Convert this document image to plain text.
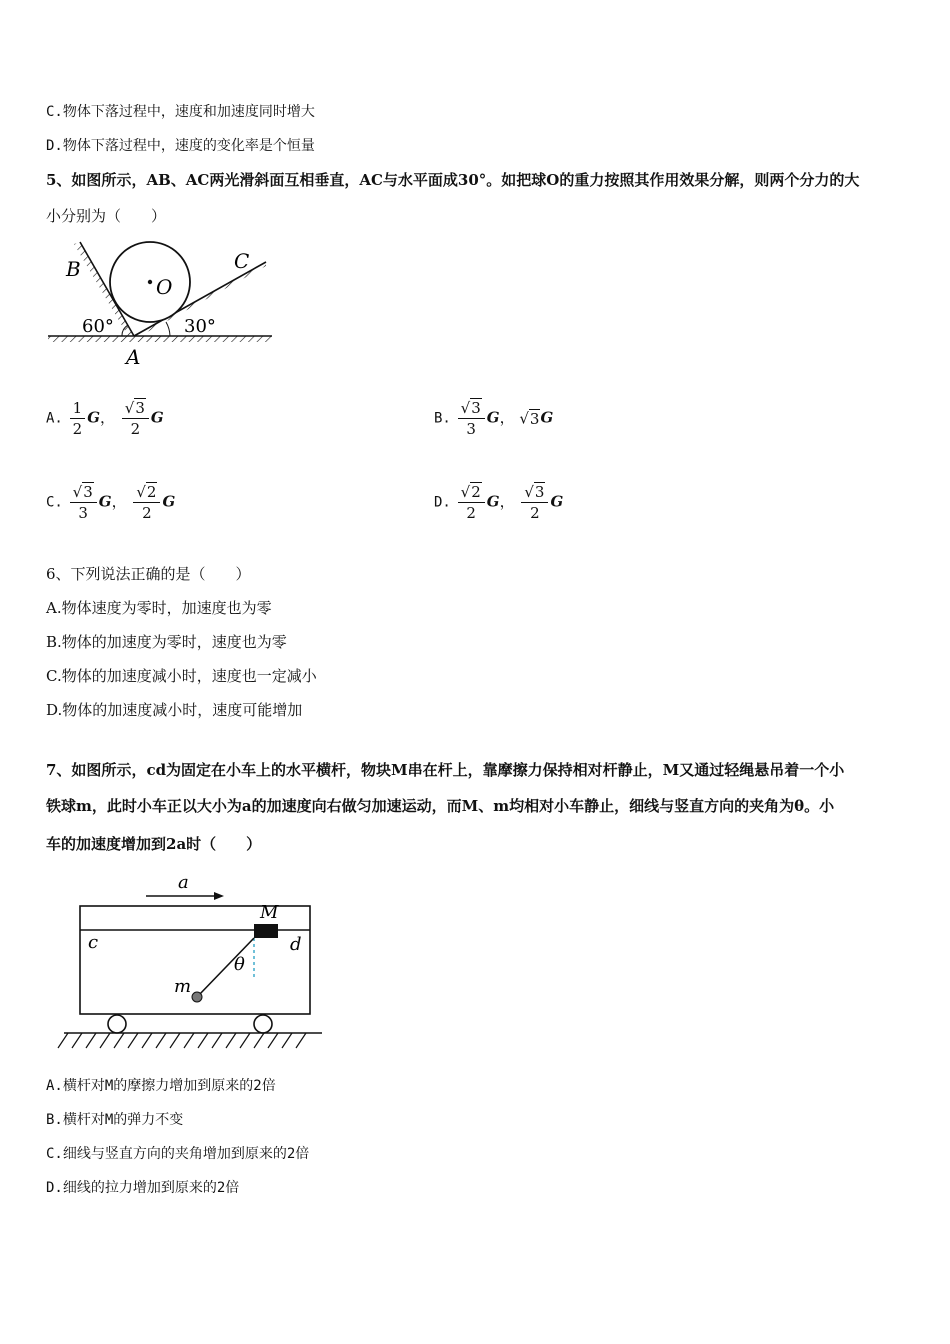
C.物体下落过程中，速度和加速度同时增大
D.物体下落过程中，速度的变化率是个恒量
5、如图所示，AB、AC两光滑斜面互相垂直，AC与水平面成30°。如把球O的重力按照其作用效果分解，则两个分力的大
小分别为（　　）
B	C
O
A
60°	30°
A. $\frac{1}{2}$ G， $\frac{√3}{2}$ G	B. $\frac{√3}{3}$ G， √3G
C. $\frac{√3}{3}$ G， $\frac{√2}{2}$ G	D. $\frac{√2}{2}$ G， $\frac{√3}{2}$ G
6、下列说法正确的是（　　）
A.物体速度为零时，加速度也为零
B.物体的加速度为零时，速度也为零
C.物体的加速度减小时，速度也一定减小
D.物体的加速度减小时，速度可能增加
7、如图所示，cd为固定在小车上的水平横杆，物块M串在杆上，靠摩擦力保持相对杆静止，M又通过轻绳悬吊着一个小
铁球m，此时小车正以大小为a的加速度向右做匀加速运动，而M、m均相对小车静止，细线与竖直方向的夹角为θ。小
车的加速度增加到2a时（　　）
a
M
c	d
θ
m
A.横杆对M的摩擦力增加到原来的2倍
B.横杆对M的弹力不变
C.细线与竖直方向的夹角增加到原来的2倍
D.细线的拉力增加到原来的2倍
